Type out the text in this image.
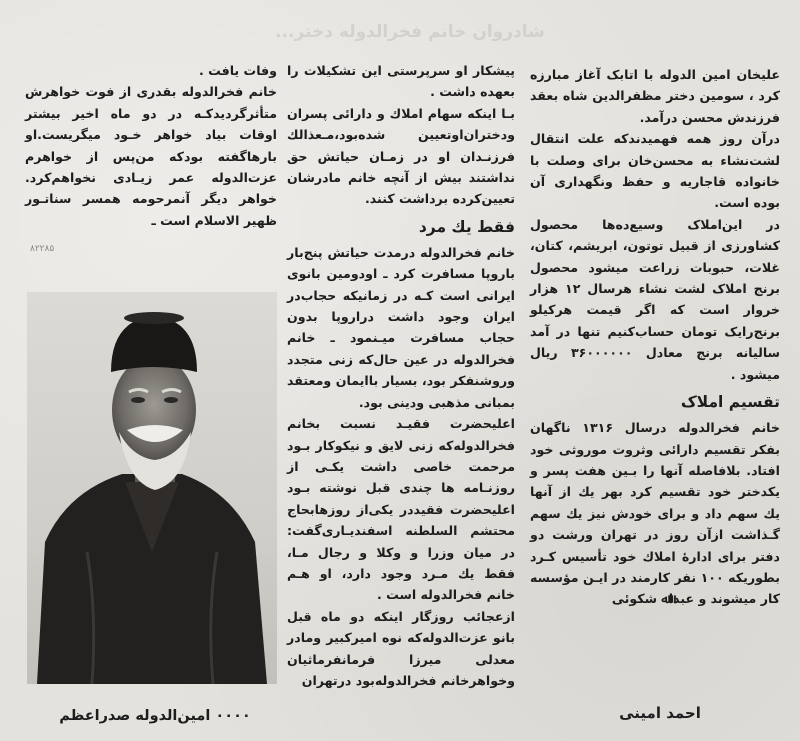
شادروان خانم فخرالدوله دختر...

علیخان امین الدوله با اتابک آغاز مبارزه کرد ، سومین دختر مظفرالدین شاه بعقد فرزندش محسن درآمد.

درآن روز همه فهمیدندکه علت انتقال لشت‌نشاء به محسن‌خان برای وصلت با خانواده قاجاریه و حفظ ونگهداری آن بوده است.

در این‌املاک وسیع‌ده‌ها محصول کشاورزی از قبیل توتون، ابریشم، کتان، غلات، حبوبات زراعت میشود محصول برنج املاک لشت نشاء هرسال ۱۲ هزار خروار است که اگر قیمت هرکیلو برنج‌رایک تومان حساب‌کنیم تنها در آمد سالیانه برنج معادل ۳۶۰۰۰۰۰۰ ریال میشود .

تقسیم املاک

خانم فخرالدوله درسال ۱۳۱۶ ناگهان بفکر تقسیم دارائی وثروت موروثی خود افتاد. بلافاصله آنها را بـین هفت پسر و یکدختر خود تقسیم کرد بهر یك از آنها یك سهم داد و برای خودش نیز یك سهم گـذاشت ازآن روز در تهران ورشت دو دفتر برای اداره‌ٔ املاك خود تأسیس کـرد بطوریکه ۱۰۰ نفر کارمند در ایـن مؤسسه کار میشوند و عبداﷲ شکوئی

احمد امینی

پیشکار او سرپرستی این تشکیلات را بعهده داشت .

بـا اینکه سهام املاك و دارائی پسران ودختران‌اوتعیین شده‌بود،مـعذالك فرزنـدان او در زمـان حیاتش حق نداشتند بیش از آنچه خانم مادرشان تعیین‌کرده برداشت کنند.

فقط یك مرد

خانم فخرالدوله درمدت حیاتش پنج‌بار باروپا مسافرت کرد ـ اودومین بانوی ایرانی است کـه در زمانیکه حجاب‌در ایران وجود داشت دراروپا بدون حجاب مسافرت میـنمود ـ خانم فخرالدوله در عین حال‌که زنی متجدد وروشنفکر بود، بسیار باایمان ومعتقد بمبانی مذهبی ودینی بود.

اعلیحضرت فقیـد نسبت بخانم فخرالدوله‌که زنی لایق و نیکوکار بـود مرحمت خاصی داشت یکـی از روزنـامه ها چندی قبل نوشته بـود اعلیحضرت فقیددر یکی‌از روزهابحاج محتشم السلطنه اسفندیـاری‌گفت: در میان وزرا و وکلا و رجال مـا، فقط یك مـرد وجود دارد، او هـم خانم فخرالدوله است .

ازعجائب روزگار اینکه دو ماه قبل بانو عزت‌الدوله‌که نوه امیرکبیر ومادر معدلی میرزا فرمانفرماثیان وخواهرخانم فخرالدوله‌بود درتهران

وفات یافت .

خانم فخرالدوله بقدری از فوت خواهرش متأثرگردیدکـه در دو ماه اخیر بیشتر اوقات بیاد خواهر خـود میگریست.او بارهاگفته بودکه من‌پس از خواهرم عزت‌الدوله عمر زیـادی نخواهم‌کرد. خواهر دیگر آنمرحومه همسر سناتـور ظهیر الاسلام است ـ

۸۲۲۸۵
۰۰۰۰ امین‌الدوله صدراعظم
